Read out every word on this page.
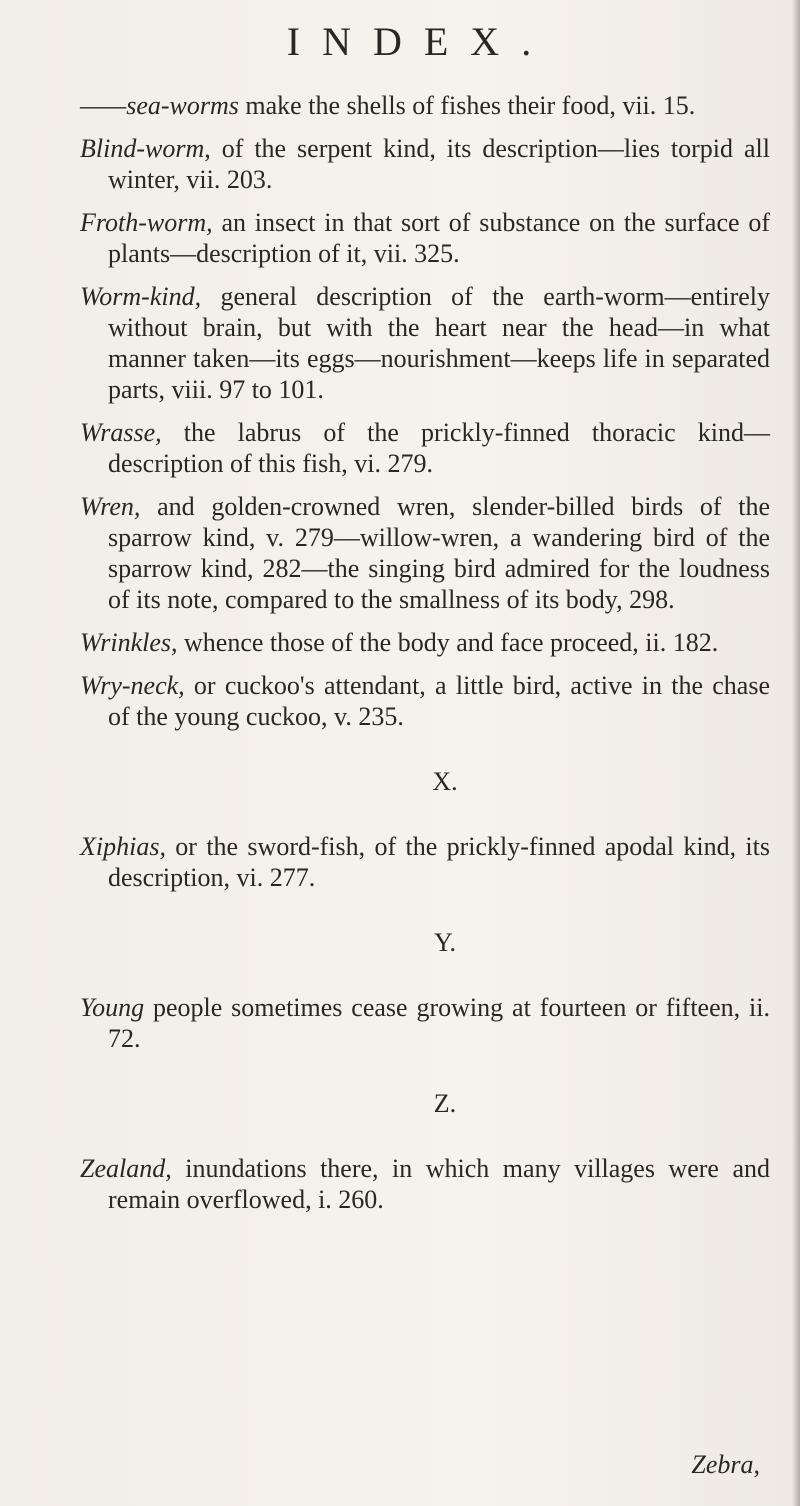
INDEX.

——sea-worms make the shells of fishes their food, vii. 15.

Blind-worm, of the serpent kind, its description—lies torpid all winter, vii. 203.

Froth-worm, an insect in that sort of substance on the surface of plants—description of it, vii. 325.

Worm-kind, general description of the earth-worm—entirely without brain, but with the heart near the head—in what manner taken—its eggs—nourishment—keeps life in separated parts, viii. 97 to 101.

Wrasse, the labrus of the prickly-finned thoracic kind—description of this fish, vi. 279.

Wren, and golden-crowned wren, slender-billed birds of the sparrow kind, v. 279—willow-wren, a wandering bird of the sparrow kind, 282—the singing bird admired for the loudness of its note, compared to the smallness of its body, 298.

Wrinkles, whence those of the body and face proceed, ii. 182.

Wry-neck, or cuckoo's attendant, a little bird, active in the chase of the young cuckoo, v. 235.

X.

Xiphias, or the sword-fish, of the prickly-finned apodal kind, its description, vi. 277.

Y.

Young people sometimes cease growing at fourteen or fifteen, ii. 72.

Z.

Zealand, inundations there, in which many villages were and remain overflowed, i. 260.

Zebra,
